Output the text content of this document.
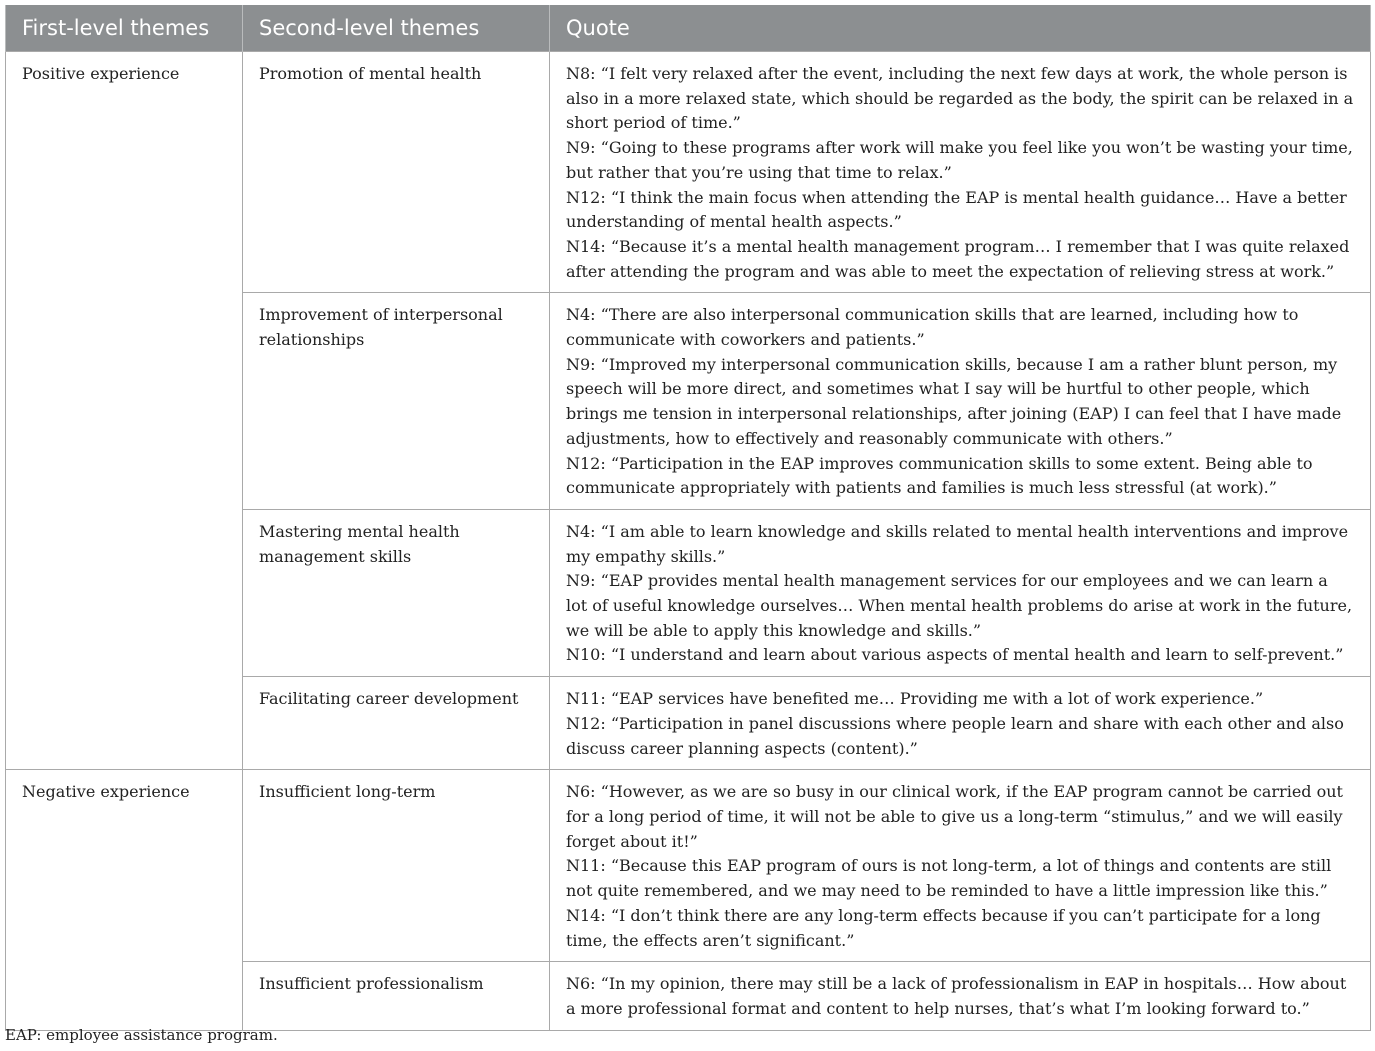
First-level themes	Second-level themes	Quote
Positive experience	Promotion of mental health	N8: “I felt very relaxed after the event, including the next few days at work, the whole person is also in a more relaxed state, which should be regarded as the body, the spirit can be relaxed in a short period of time.”
N9: “Going to these programs after work will make you feel like you won’t be wasting your time, but rather that you’re using that time to relax.”
N12: “I think the main focus when attending the EAP is mental health guidance… Have a better understanding of mental health aspects.”
N14: “Because it’s a mental health management program… I remember that I was quite relaxed after attending the program and was able to meet the expectation of relieving stress at work.”

	Improvement of interpersonal relationships	N4: “There are also interpersonal communication skills that are learned, including how to communicate with coworkers and patients.”
N9: “Improved my interpersonal communication skills, because I am a rather blunt person, my speech will be more direct, and sometimes what I say will be hurtful to other people, which brings me tension in interpersonal relationships, after joining (EAP) I can feel that I have made adjustments, how to effectively and reasonably communicate with others.”
N12: “Participation in the EAP improves communication skills to some extent. Being able to communicate appropriately with patients and families is much less stressful (at work).”

	Mastering mental health management skills	N4: “I am able to learn knowledge and skills related to mental health interventions and improve my empathy skills.”
N9: “EAP provides mental health management services for our employees and we can learn a lot of useful knowledge ourselves… When mental health problems do arise at work in the future, we will be able to apply this knowledge and skills.”
N10: “I understand and learn about various aspects of mental health and learn to self-prevent.”

	Facilitating career development	N11: “EAP services have benefited me… Providing me with a lot of work experience.”
N12: “Participation in panel discussions where people learn and share with each other and also discuss career planning aspects (content).”

Negative experience	Insufficient long-term	N6: “However, as we are so busy in our clinical work, if the EAP program cannot be carried out for a long period of time, it will not be able to give us a long-term “stimulus,” and we will easily forget about it!”
N11: “Because this EAP program of ours is not long-term, a lot of things and contents are still not quite remembered, and we may need to be reminded to have a little impression like this.”
N14: “I don’t think there are any long-term effects because if you can’t participate for a long time, the effects aren’t significant.”

	Insufficient professionalism	N6: “In my opinion, there may still be a lack of professionalism in EAP in hospitals… How about a more professional format and content to help nurses, that’s what I’m looking forward to.”
EAP: employee assistance program.
